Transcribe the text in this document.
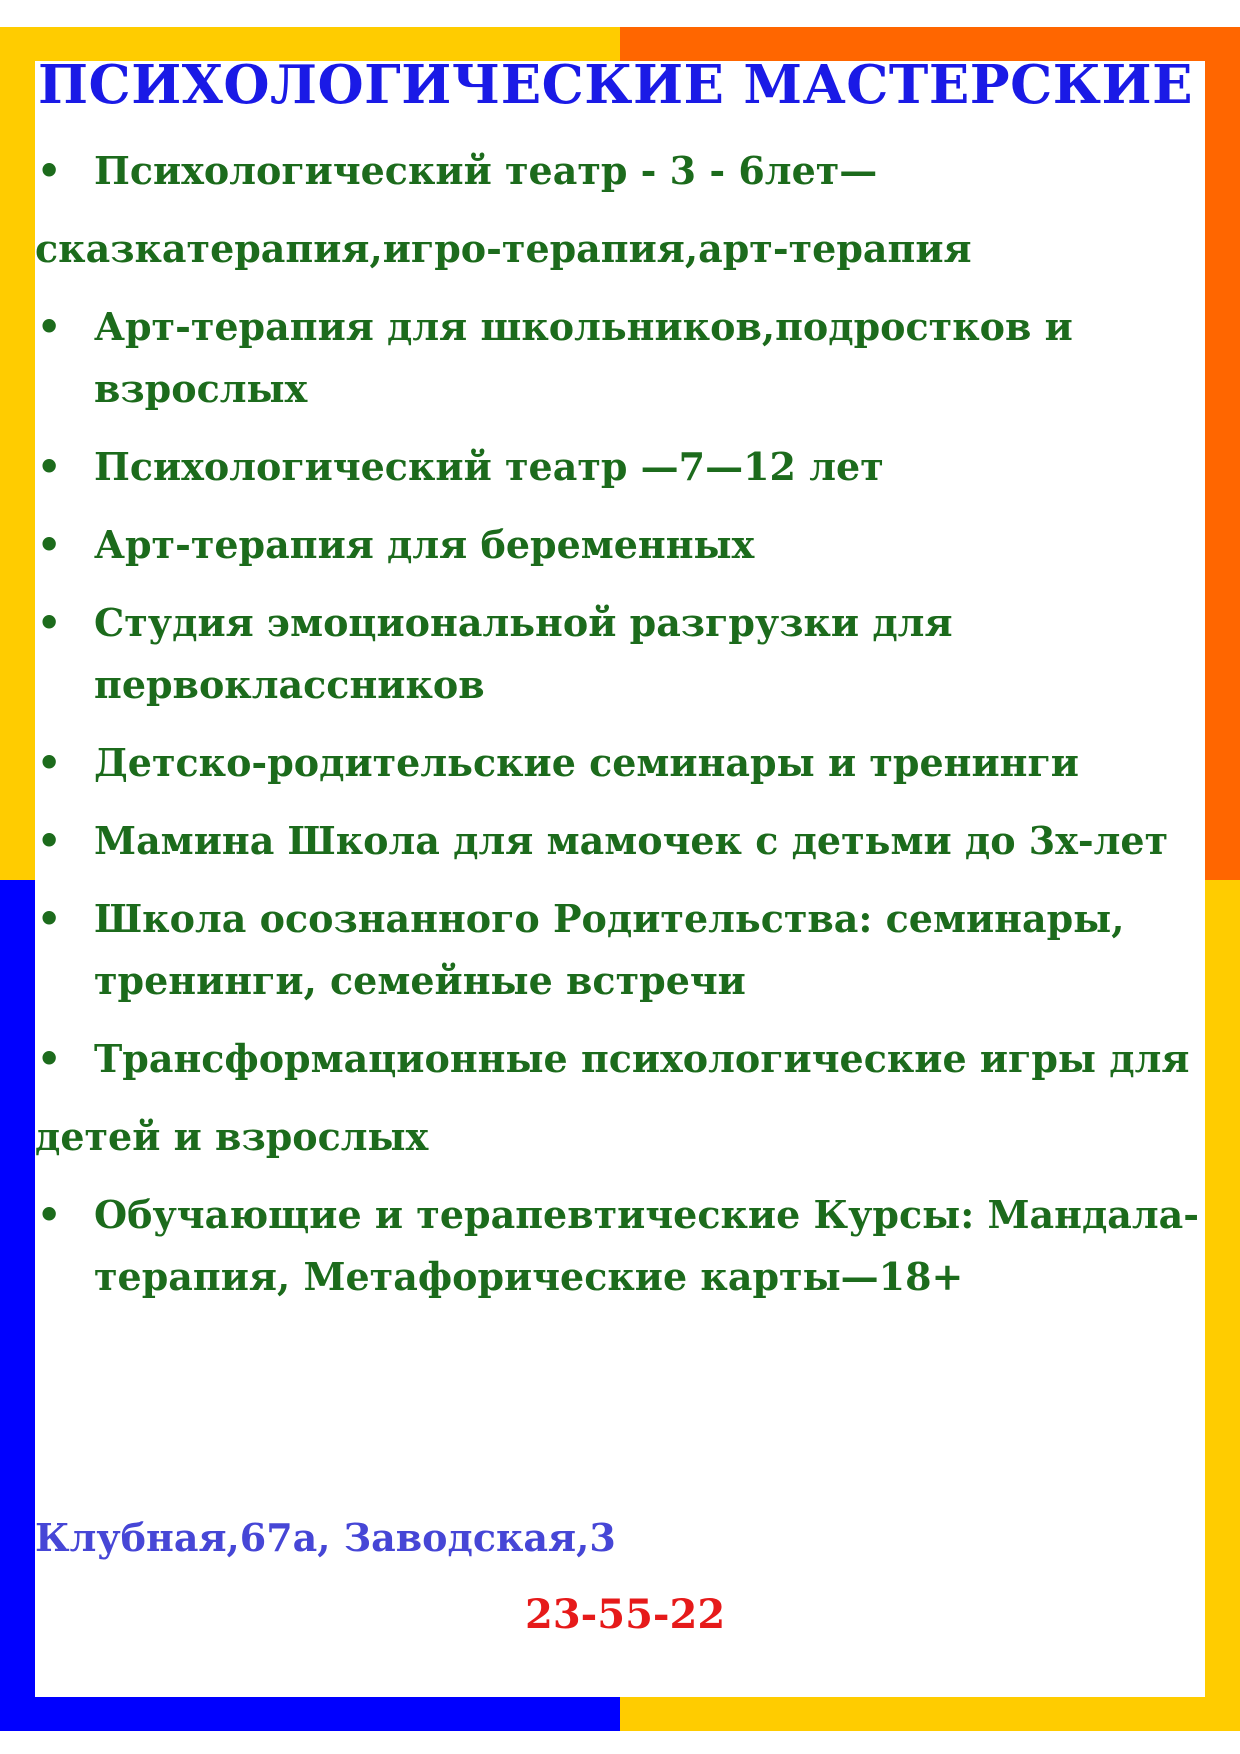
ПСИХОЛОГИЧЕСКИЕ МАСТЕРСКИЕ
• Психологический театр - 3 - 6лет—
сказкатерапия,игро-терапия,арт-терапия
• Арт-терапия для школьников,подростков и взрослых
• Психологический театр —7—12 лет
• Арт-терапия для беременных
• Студия эмоциональной разгрузки для первоклассников
• Детско-родительские семинары и тренинги
• Мамина Школа для мамочек с детьми до 3х-лет
• Школа осознанного Родительства: семинары, тренинги, семейные встречи
• Трансформационные психологические игры для
детей и взрослых
• Обучающие и терапевтические Курсы: Мандала-терапия, Метафорические карты—18+
Клубная,67а, Заводская,3
23-55-22
